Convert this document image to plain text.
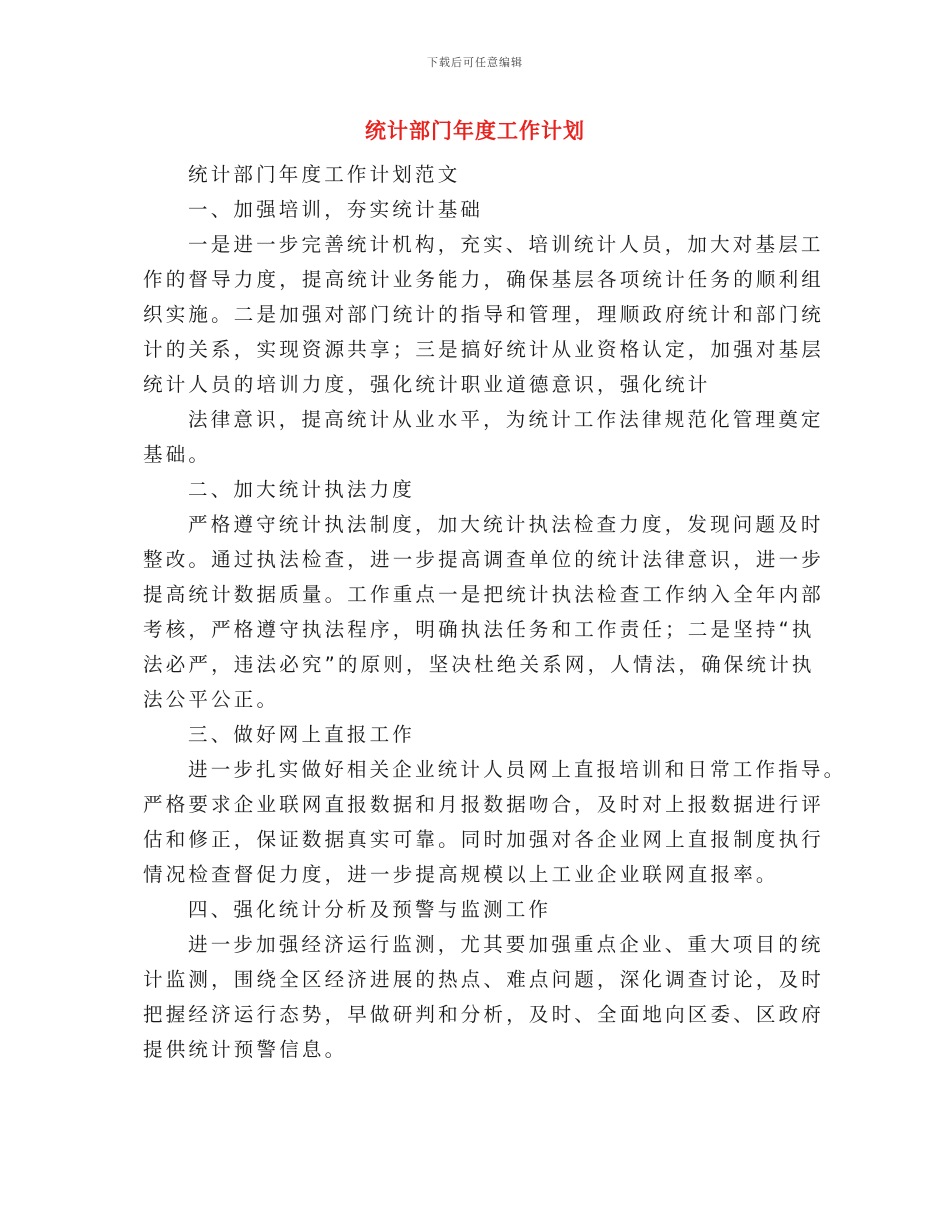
下载后可任意编辑
统计部门年度工作计划
统计部门年度工作计划范文
一、加强培训，夯实统计基础
一是进一步完善统计机构，充实、培训统计人员，加大对基层工
作的督导力度，提高统计业务能力，确保基层各项统计任务的顺利组
织实施。二是加强对部门统计的指导和管理，理顺政府统计和部门统
计的关系，实现资源共享；三是搞好统计从业资格认定，加强对基层
统计人员的培训力度，强化统计职业道德意识，强化统计
法律意识，提高统计从业水平，为统计工作法律规范化管理奠定
基础。
二、加大统计执法力度
严格遵守统计执法制度，加大统计执法检查力度，发现问题及时
整改。通过执法检查，进一步提高调查单位的统计法律意识，进一步
提高统计数据质量。工作重点一是把统计执法检查工作纳入全年内部
考核，严格遵守执法程序，明确执法任务和工作责任；二是坚持“执
法必严，违法必究”的原则，坚决杜绝关系网，人情法，确保统计执
法公平公正。
三、做好网上直报工作
进一步扎实做好相关企业统计人员网上直报培训和日常工作指导。
严格要求企业联网直报数据和月报数据吻合，及时对上报数据进行评
估和修正，保证数据真实可靠。同时加强对各企业网上直报制度执行
情况检查督促力度，进一步提高规模以上工业企业联网直报率。
四、强化统计分析及预警与监测工作
进一步加强经济运行监测，尤其要加强重点企业、重大项目的统
计监测，围绕全区经济进展的热点、难点问题，深化调查讨论，及时
把握经济运行态势，早做研判和分析，及时、全面地向区委、区政府
提供统计预警信息。
